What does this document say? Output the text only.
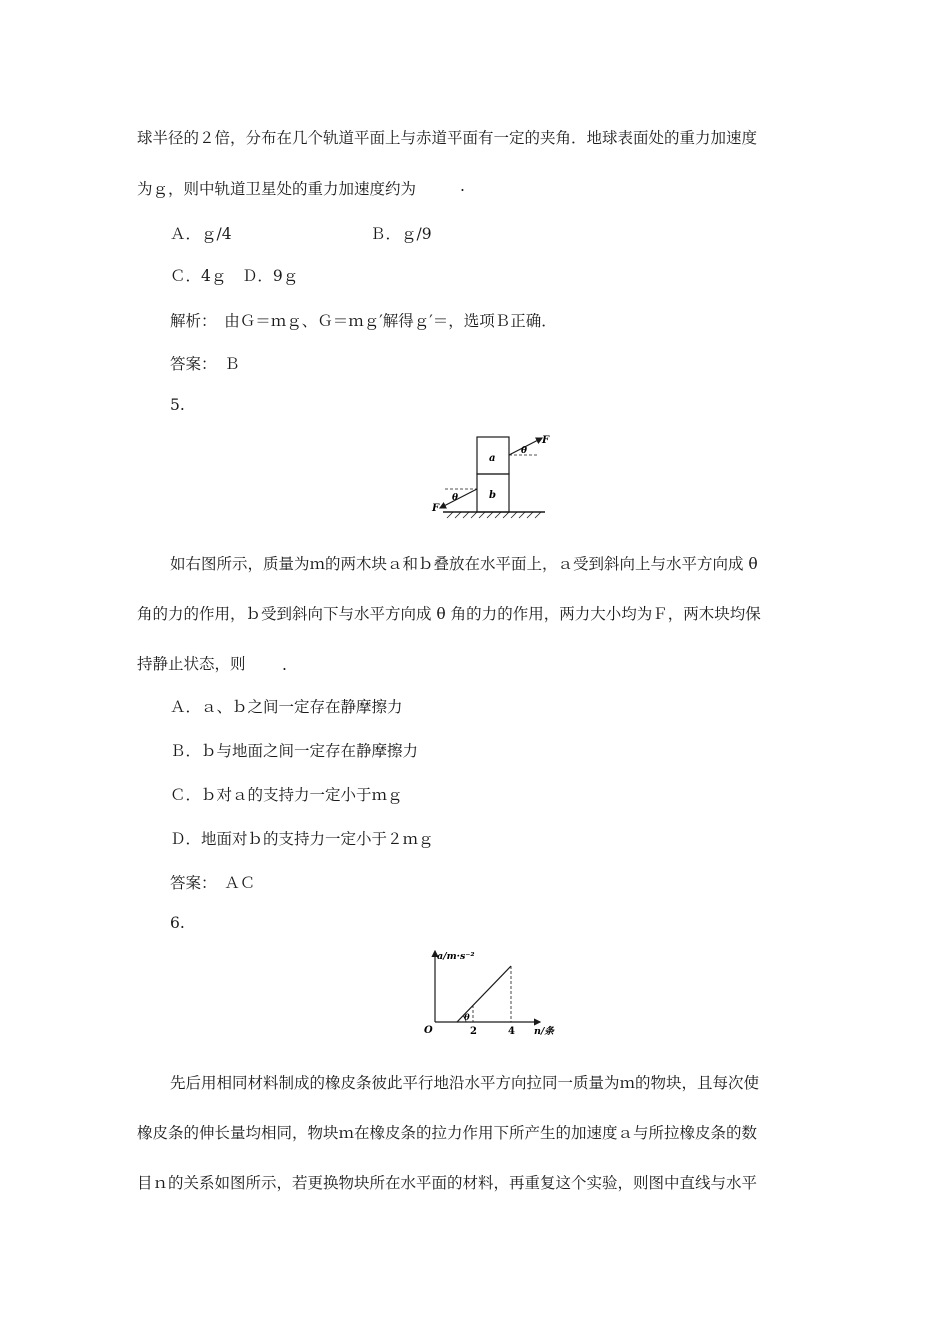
球半径的２倍，分布在几个轨道平面上与赤道平面有一定的夹角．地球表面处的重力加速度
为ｇ，则中轨道卫星处的重力加速度约为	.
Ａ．ｇ/4	Ｂ．ｇ/9
Ｃ．4ｇ　Ｄ．9ｇ
解析：　由Ｇ＝ｍｇ、Ｇ＝ｍｇ′解得ｇ′＝，选项Ｂ正确．
答案：　Ｂ
5.
a
b
F
θ
F
θ
如右图所示，质量为ｍ的两木块ａ和ｂ叠放在水平面上，ａ受到斜向上与水平方向成 θ
角的力的作用，ｂ受到斜向下与水平方向成 θ 角的力的作用，两力大小均为Ｆ，两木块均保
持静止状态，则 .
Ａ．ａ、ｂ之间一定存在静摩擦力
Ｂ．ｂ与地面之间一定存在静摩擦力
Ｃ．ｂ对ａ的支持力一定小于ｍｇ
Ｄ．地面对ｂ的支持力一定小于２ｍｇ
答案：　ＡＣ
6.
a/m·s⁻²
n/条
O
θ
2	4
先后用相同材料制成的橡皮条彼此平行地沿水平方向拉同一质量为ｍ的物块，且每次使
橡皮条的伸长量均相同，物块ｍ在橡皮条的拉力作用下所产生的加速度ａ与所拉橡皮条的数
目ｎ的关系如图所示，若更换物块所在水平面的材料，再重复这个实验，则图中直线与水平
